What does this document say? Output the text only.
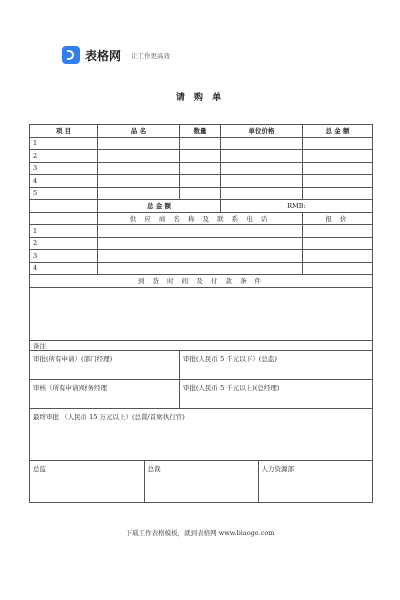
表格网 让工作更高效
请 购 单
项 目	品 名	数量	单位价格	总 金 额
1				
2				
3				
4				
5				
	总 金 额	RMB:
	供 应 商 名 称 及 联 系 电 话	报 价
1		
2		
3		
4		
到 货 时 间 及 付 款 条 件

备注
审批(所有申请）(部门经理)	审批(人民币 5 千元以下）(总监)
审核（所有申请)财务经理	审批(人民币 5 千元以上)(总经理)
最终审批 （人民币 15 万元以上）(总裁/首席执行官)

总监	总裁	人力资源部
下载工作表格模板，就到表格网 www.biaoge.com
